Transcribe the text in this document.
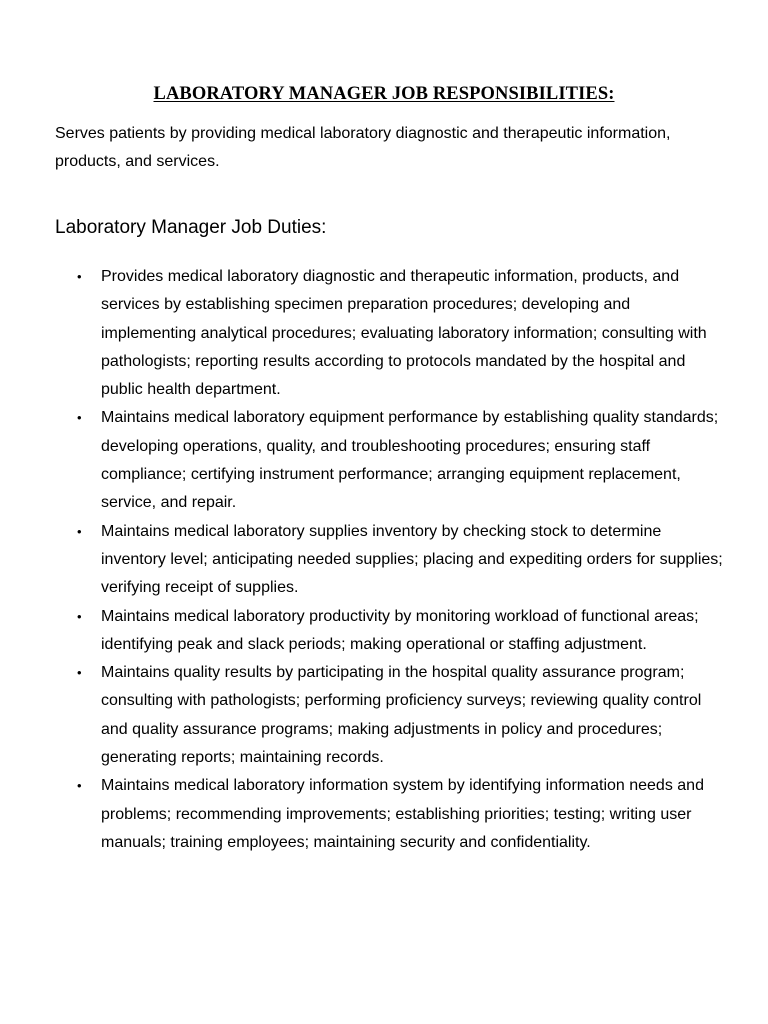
LABORATORY MANAGER JOB RESPONSIBILITIES:

Serves patients by providing medical laboratory diagnostic and therapeutic information, products, and services.

Laboratory Manager Job Duties:
•	Provides medical laboratory diagnostic and therapeutic information, products, and services by establishing specimen preparation procedures; developing and implementing analytical procedures; evaluating laboratory information; consulting with pathologists; reporting results according to protocols mandated by the hospital and public health department.
•	Maintains medical laboratory equipment performance by establishing quality standards; developing operations, quality, and troubleshooting procedures; ensuring staff compliance; certifying instrument performance; arranging equipment replacement, service, and repair.
•	Maintains medical laboratory supplies inventory by checking stock to determine inventory level; anticipating needed supplies; placing and expediting orders for supplies; verifying receipt of supplies.
•	Maintains medical laboratory productivity by monitoring workload of functional areas; identifying peak and slack periods; making operational or staffing adjustment.
•	Maintains quality results by participating in the hospital quality assurance program; consulting with pathologists; performing proficiency surveys; reviewing quality control and quality assurance programs; making adjustments in policy and procedures; generating reports; maintaining records.
•	Maintains medical laboratory information system by identifying information needs and problems; recommending improvements; establishing priorities; testing; writing user manuals; training employees; maintaining security and confidentiality.
